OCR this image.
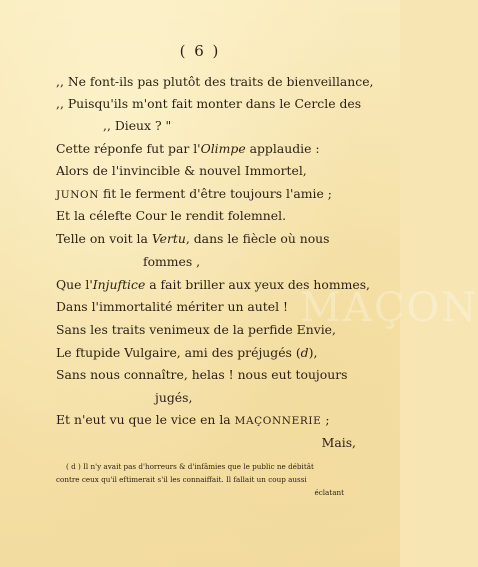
MAÇON
( 6 )
,, Ne font-ils pas plutôt des traits de bienveillance,
,, Puisqu'ils m'ont fait monter dans le Cercle des
,, Dieux ? "
Cette réponfe fut par l'Olimpe applaudie :
Alors de l'invincible & nouvel Immortel,
JUNON fit le ferment d'être toujours l'amie ;
Et la célefte Cour le rendit folemnel.
Telle on voit la Vertu, dans le fiècle où nous
fommes ,
Que l'Injuftice a fait briller aux yeux des hommes,
Dans l'immortalité mériter un autel !
Sans les traits venimeux de la perfide Envie,
Le ftupide Vulgaire, ami des préjugés (d),
Sans nous connaître, helas ! nous eut toujours
jugés,
Et n'eut vu que le vice en la MAÇONNERIE ;
Mais,
( d ) Il n'y avait pas d'horreurs & d'infâmies que le public ne débitât
contre ceux qu'il eftimerait s'il les connaiffait. Il fallait un coup aussi
éclatant
